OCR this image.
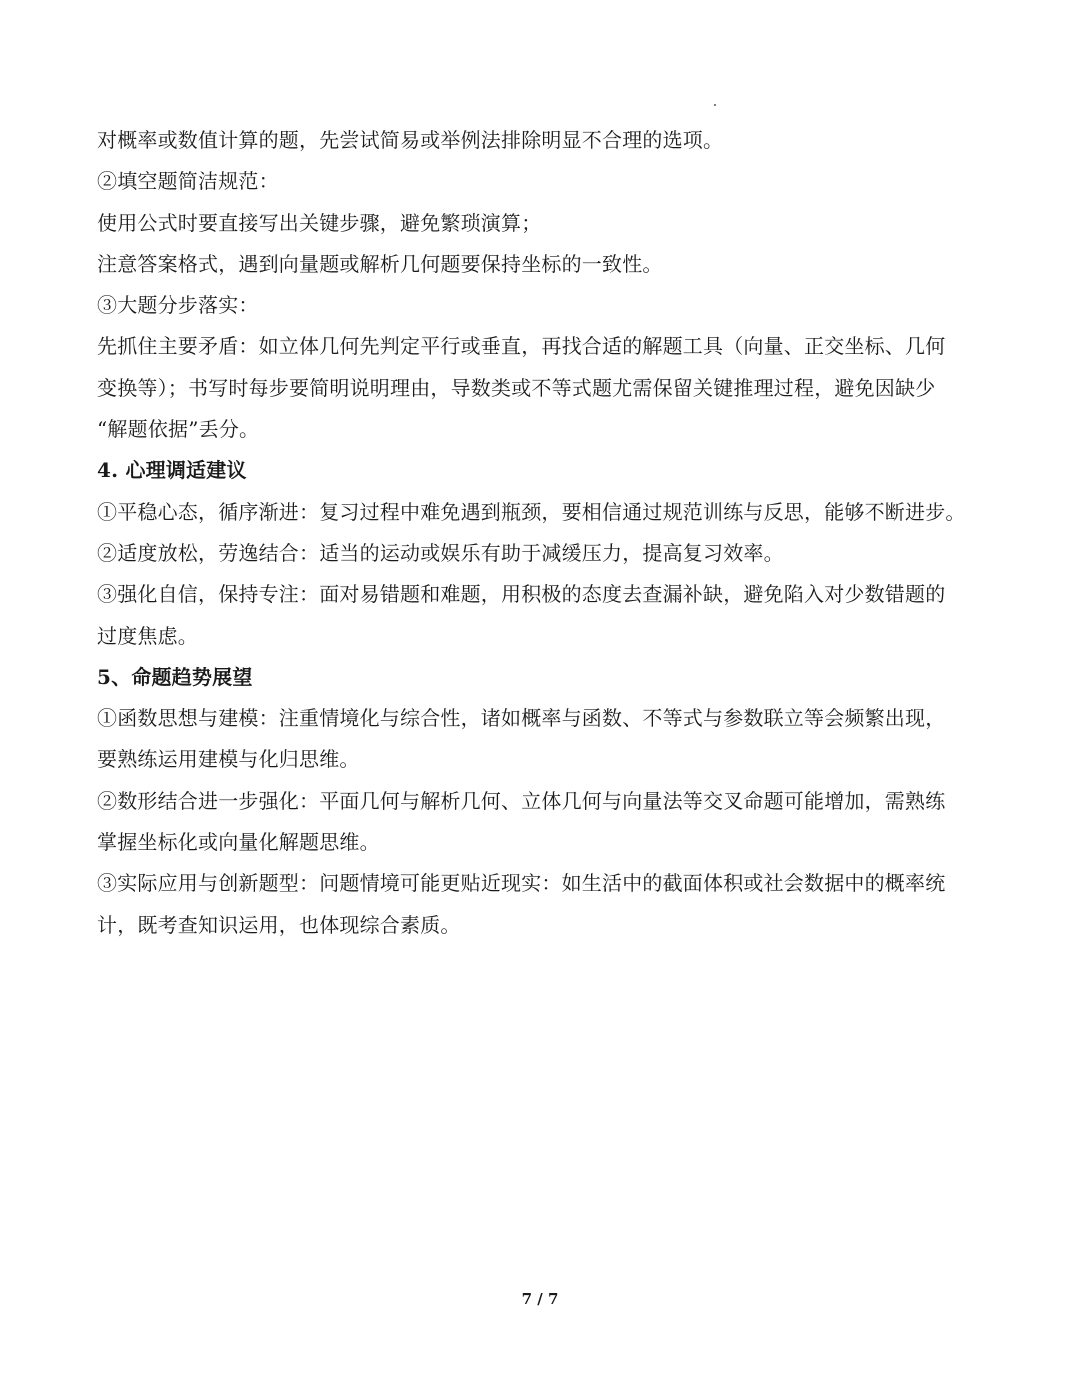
对概率或数值计算的题，先尝试简易或举例法排除明显不合理的选项。
②填空题简洁规范：
使用公式时要直接写出关键步骤，避免繁琐演算；
注意答案格式，遇到向量题或解析几何题要保持坐标的一致性。
③大题分步落实：
先抓住主要矛盾：如立体几何先判定平行或垂直，再找合适的解题工具（向量、正交坐标、几何
变换等）；书写时每步要简明说明理由，导数类或不等式题尤需保留关键推理过程，避免因缺少
“解题依据”丢分。
4. 心理调适建议
①平稳心态，循序渐进：复习过程中难免遇到瓶颈，要相信通过规范训练与反思，能够不断进步。
②适度放松，劳逸结合：适当的运动或娱乐有助于减缓压力，提高复习效率。
③强化自信，保持专注：面对易错题和难题，用积极的态度去查漏补缺，避免陷入对少数错题的
过度焦虑。
5、命题趋势展望
①函数思想与建模：注重情境化与综合性，诸如概率与函数、不等式与参数联立等会频繁出现，
要熟练运用建模与化归思维。
②数形结合进一步强化：平面几何与解析几何、立体几何与向量法等交叉命题可能增加，需熟练
掌握坐标化或向量化解题思维。
③实际应用与创新题型：问题情境可能更贴近现实：如生活中的截面体积或社会数据中的概率统
计，既考查知识运用，也体现综合素质。
7 / 7
